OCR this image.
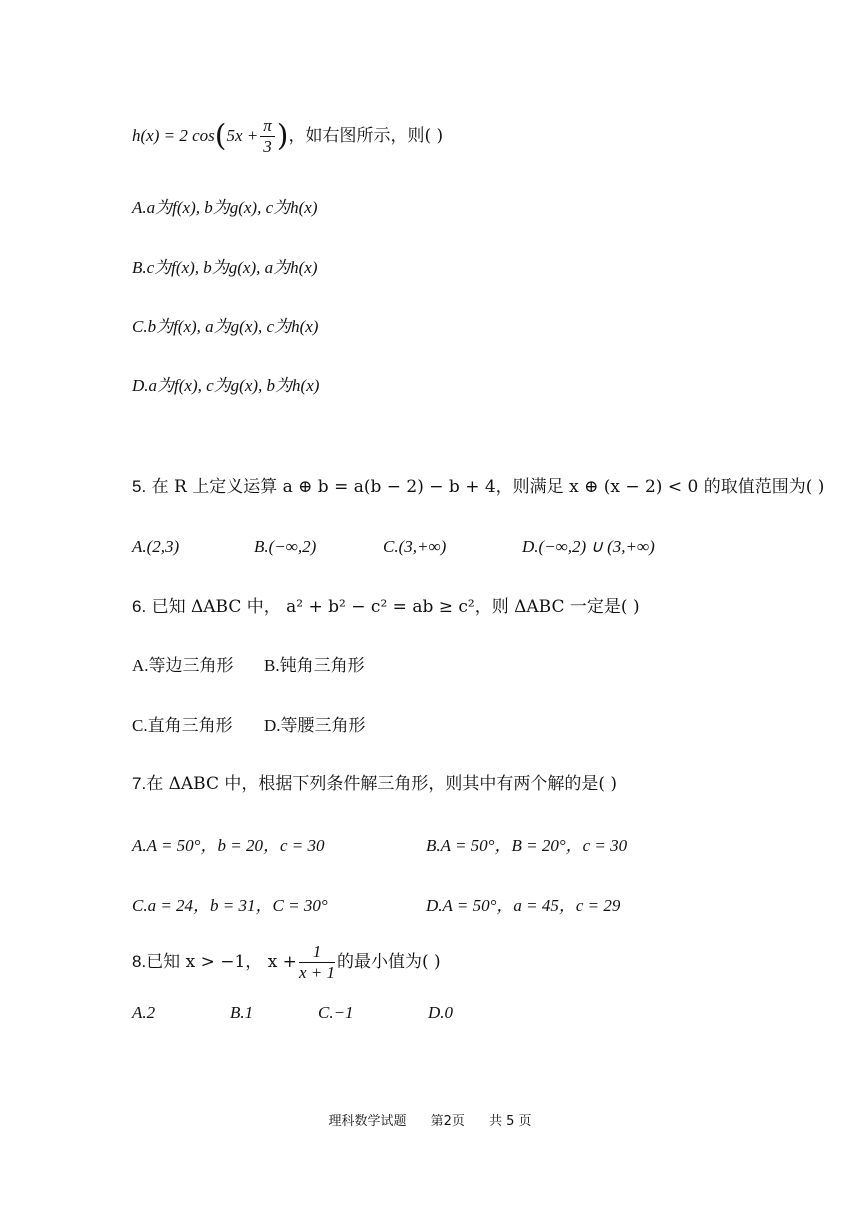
h(x) = 2 $\cos(5x + \frac{\pi}{3}$ )，如右图所示，则( )
A.a为f(x), b为g(x), c为h(x)
B.c为f(x), b为g(x), a为h(x)
C.b为f(x), a为g(x), c为h(x)
D.a为f(x), c为g(x), b为h(x)
5. 在 R 上定义运算 a ⊕ b = a(b − 2) − b + 4，则满足 x ⊕ (x − 2) < 0 的取值范围为( )
A.(2,3)	B.(−∞,2)	C.(3,+∞)	D.(−∞,2) ∪ (3,+∞)
6. 已知 ΔABC 中， a² + b² − c² = ab ≥ c²，则 ΔABC 一定是( )
A.等边三角形 B.钝角三角形
C.直角三角形 D.等腰三角形
7.在 ΔABC 中，根据下列条件解三角形，则其中有两个解的是( )
A.A = 50°，b = 20，c = 30	B.A = 50°，B = 20°，c = 30
C.a = 24，b = 31，C = 30°	D.A = 50°，a = 45，c = 29
8.已知 x > −1， $x + \frac{1}{x + 1}$ 的最小值为( )
A.2	B.1	C.−1	D.0
理科数学试题 第2页 共 5 页
